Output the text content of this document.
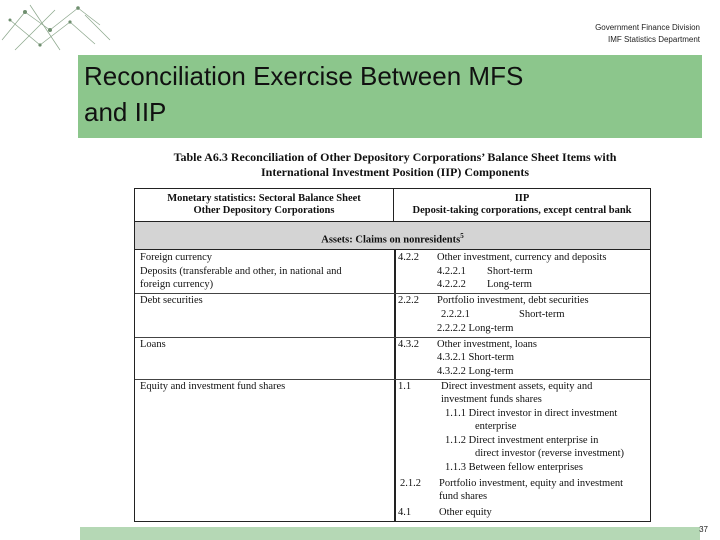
Government Finance Division
IMF Statistics Department
Reconciliation Exercise Between MFS
and IIP
Table A6.3 Reconciliation of Other Depository Corporations’ Balance Sheet Items with
International Investment Position (IIP) Components
Monetary statistics: Sectoral Balance Sheet
Other Depository Corporations
IIP
Deposit-taking corporations, except central bank
Assets: Claims on nonresidents$^5$
Foreign currency
Deposits (transferable and other, in national and
foreign currency)
4.2.2 Other investment, currency and deposits
4.2.2.1 Short-term
4.2.2.2 Long-term
Debt securities	2.2.2 Portfolio investment, debt securities
2.2.2.1	Short-term
2.2.2.2 Long-term
Loans	4.3.2 Other investment, loans
4.3.2.1 Short-term
4.3.2.2 Long-term
Equity and investment fund shares	1.1	Direct investment assets, equity and
investment funds shares
1.1.1 Direct investor in direct investment
enterprise
1.1.2 Direct investment enterprise in
direct investor (reverse investment)
1.1.3 Between fellow enterprises
2.1.2 Portfolio investment, equity and investment
fund shares
4.1	Other equity
37
